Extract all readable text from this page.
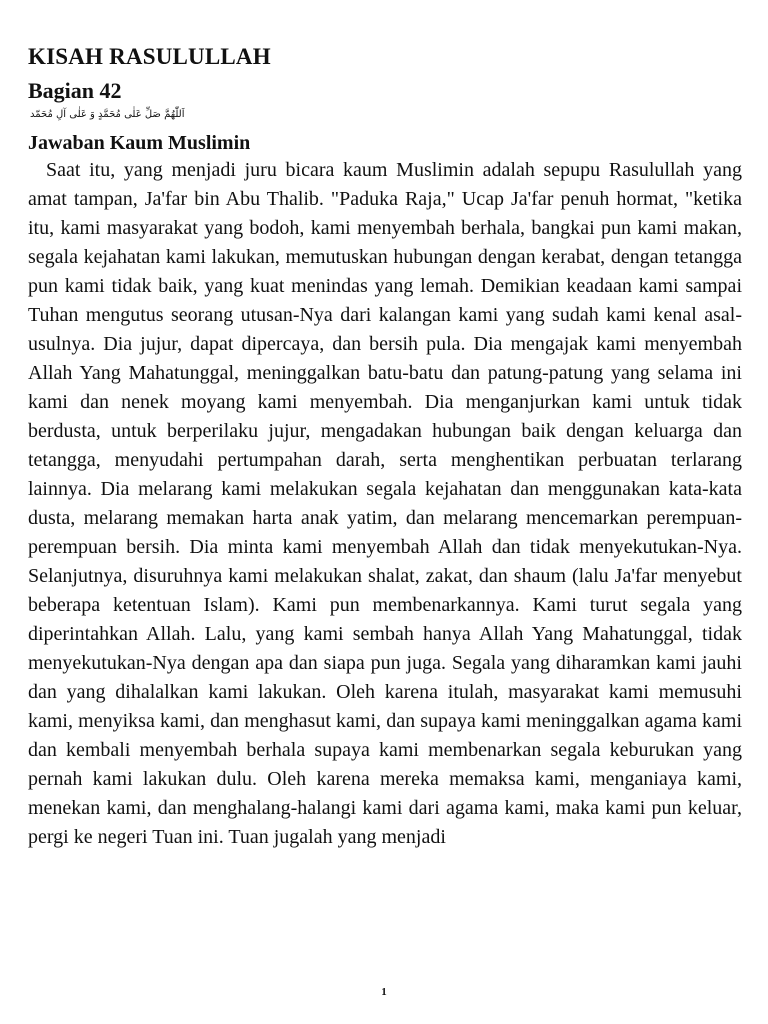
KISAH RASULULLAH
Bagian 42
اَللّٰهُمَّ صَلِّ عَلٰى مُحَمَّدٍ وَ عَلٰى آلِ مُحَمّد
Jawaban Kaum Muslimin

Saat itu, yang menjadi juru bicara kaum Muslimin adalah sepupu Rasulullah yang amat tampan, Ja'far bin Abu Thalib. "Paduka Raja," Ucap Ja'far penuh hormat, "ketika itu, kami masyarakat yang bodoh, kami menyembah berhala, bangkai pun kami makan, segala kejahatan kami lakukan, memutuskan hubungan dengan kerabat, dengan tetangga pun kami tidak baik, yang kuat menindas yang lemah. Demikian keadaan kami sampai Tuhan mengutus seorang utusan-Nya dari kalangan kami yang sudah kami kenal asal-usulnya. Dia jujur, dapat dipercaya, dan bersih pula. Dia mengajak kami menyembah Allah Yang Mahatunggal, meninggalkan batu-batu dan patung-patung yang selama ini kami dan nenek moyang kami menyembah. Dia menganjurkan kami untuk tidak berdusta, untuk berperilaku jujur, mengadakan hubungan baik dengan keluarga dan tetangga, menyudahi pertumpahan darah, serta menghentikan perbuatan terlarang lainnya. Dia melarang kami melakukan segala kejahatan dan menggunakan kata-kata dusta, melarang memakan harta anak yatim, dan melarang mencemarkan perempuan-perempuan bersih. Dia minta kami menyembah Allah dan tidak menyekutukan-Nya. Selanjutnya, disuruhnya kami melakukan shalat, zakat, dan shaum (lalu Ja'far menyebut beberapa ketentuan Islam). Kami pun membenarkannya. Kami turut segala yang diperintahkan Allah. Lalu, yang kami sembah hanya Allah Yang Mahatunggal, tidak menyekutukan-Nya dengan apa dan siapa pun juga. Segala yang diharamkan kami jauhi dan yang dihalalkan kami lakukan. Oleh karena itulah, masyarakat kami memusuhi kami, menyiksa kami, dan menghasut kami, dan supaya kami meninggalkan agama kami dan kembali menyembah berhala supaya kami membenarkan segala keburukan yang pernah kami lakukan dulu. Oleh karena mereka memaksa kami, menganiaya kami, menekan kami, dan menghalang-halangi kami dari agama kami, maka kami pun keluar, pergi ke negeri Tuan ini. Tuan jugalah yang menjadi

1
